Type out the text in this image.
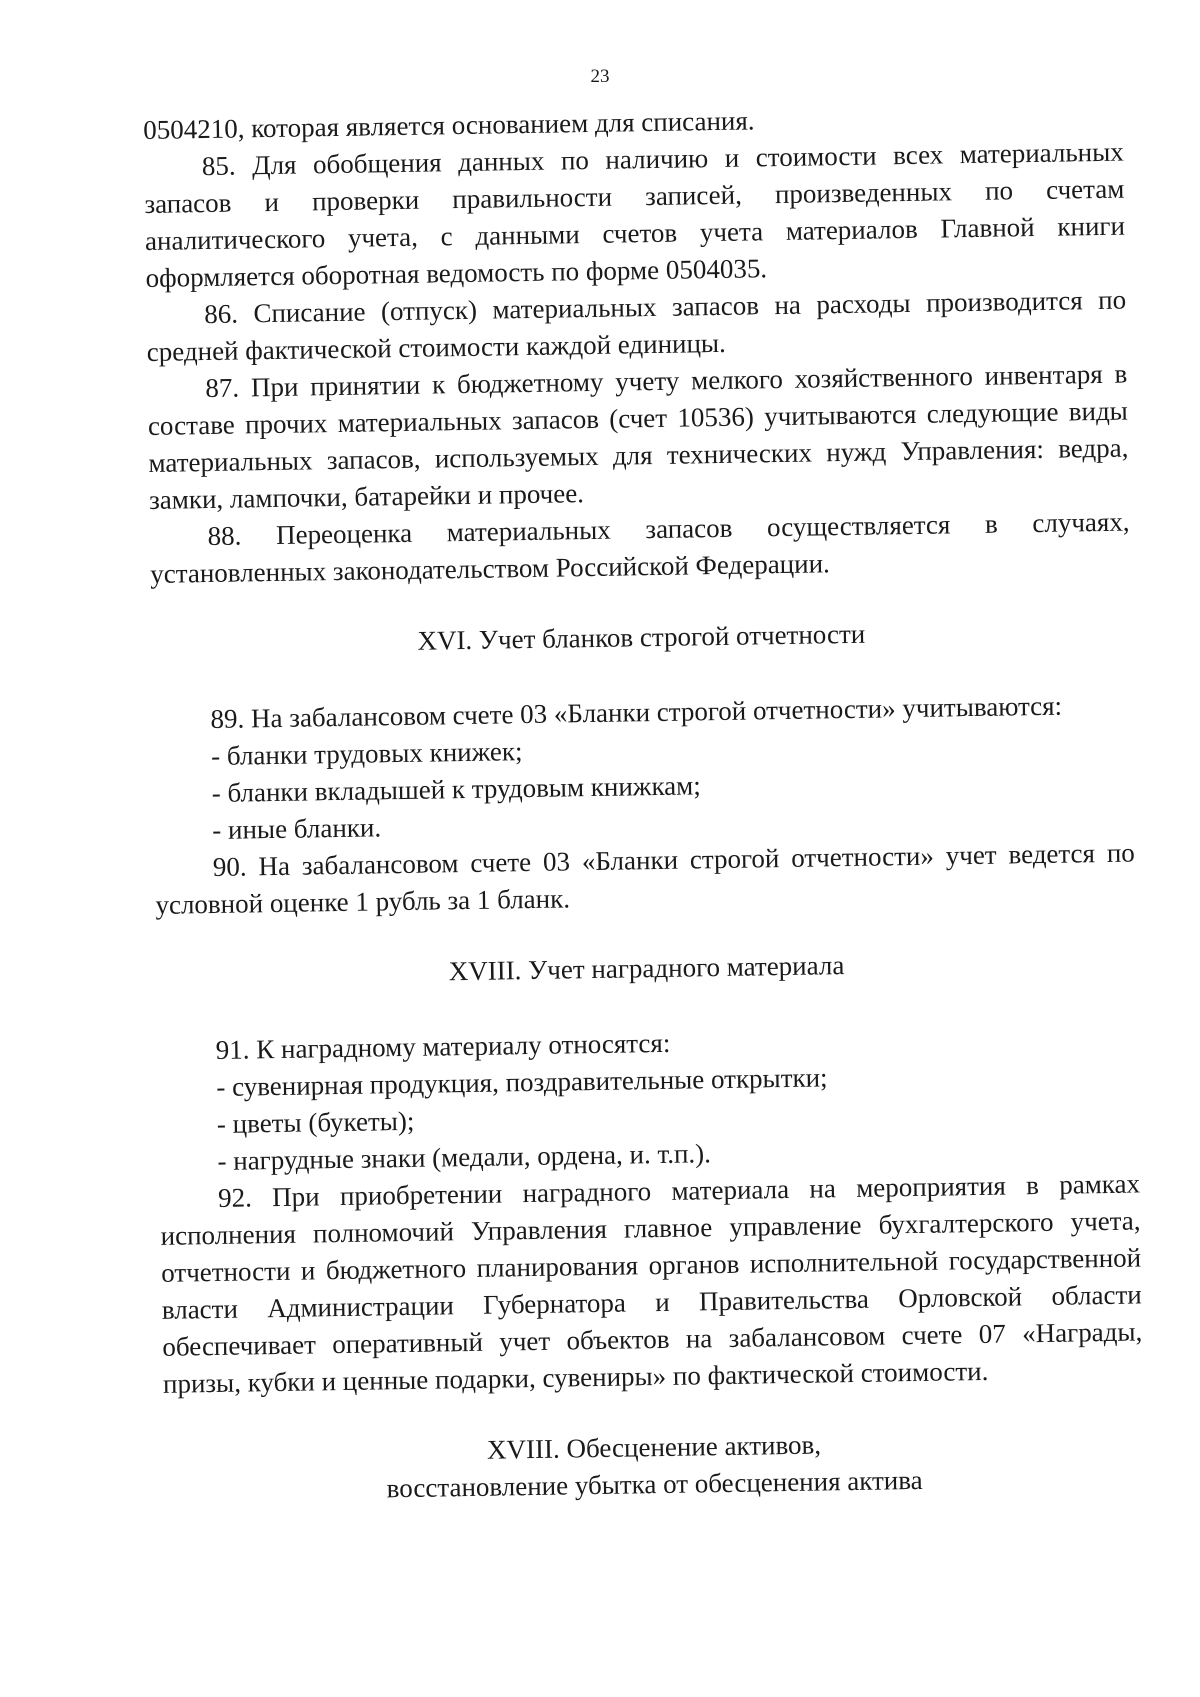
23

0504210, которая является основанием для списания.

85. Для обобщения данных по наличию и стоимости всех материальных запасов и проверки правильности записей, произведенных по счетам аналитического учета, с данными счетов учета материалов Главной книги оформляется оборотная ведомость по форме 0504035.

86. Списание (отпуск) материальных запасов на расходы производится по средней фактической стоимости каждой единицы.

87. При принятии к бюджетному учету мелкого хозяйственного инвентаря в составе прочих материальных запасов (счет 10536) учитываются следующие виды материальных запасов, используемых для технических нужд Управления: ведра, замки, лампочки, батарейки и прочее.

88. Переоценка материальных запасов осуществляется в случаях, установленных законодательством Российской Федерации.

XVI. Учет бланков строгой отчетности

89. На забалансовом счете 03 «Бланки строгой отчетности» учитываются:

- бланки трудовых книжек;

- бланки вкладышей к трудовым книжкам;

- иные бланки.

90. На забалансовом счете 03 «Бланки строгой отчетности» учет ведется по условной оценке 1 рубль за 1 бланк.

XVIII. Учет наградного материала

91. К наградному материалу относятся:

- сувенирная продукция, поздравительные открытки;

- цветы (букеты);

- нагрудные знаки (медали, ордена, и. т.п.).

92. При приобретении наградного материала на мероприятия в рамках исполнения полномочий Управления главное управление бухгалтерского учета, отчетности и бюджетного планирования органов исполнительной государственной власти Администрации Губернатора и Правительства Орловской области обеспечивает оперативный учет объектов на забалансовом счете 07 «Награды, призы, кубки и ценные подарки, сувениры» по фактической стоимости.

XVIII. Обесценение активов,

восстановление убытка от обесценения актива
